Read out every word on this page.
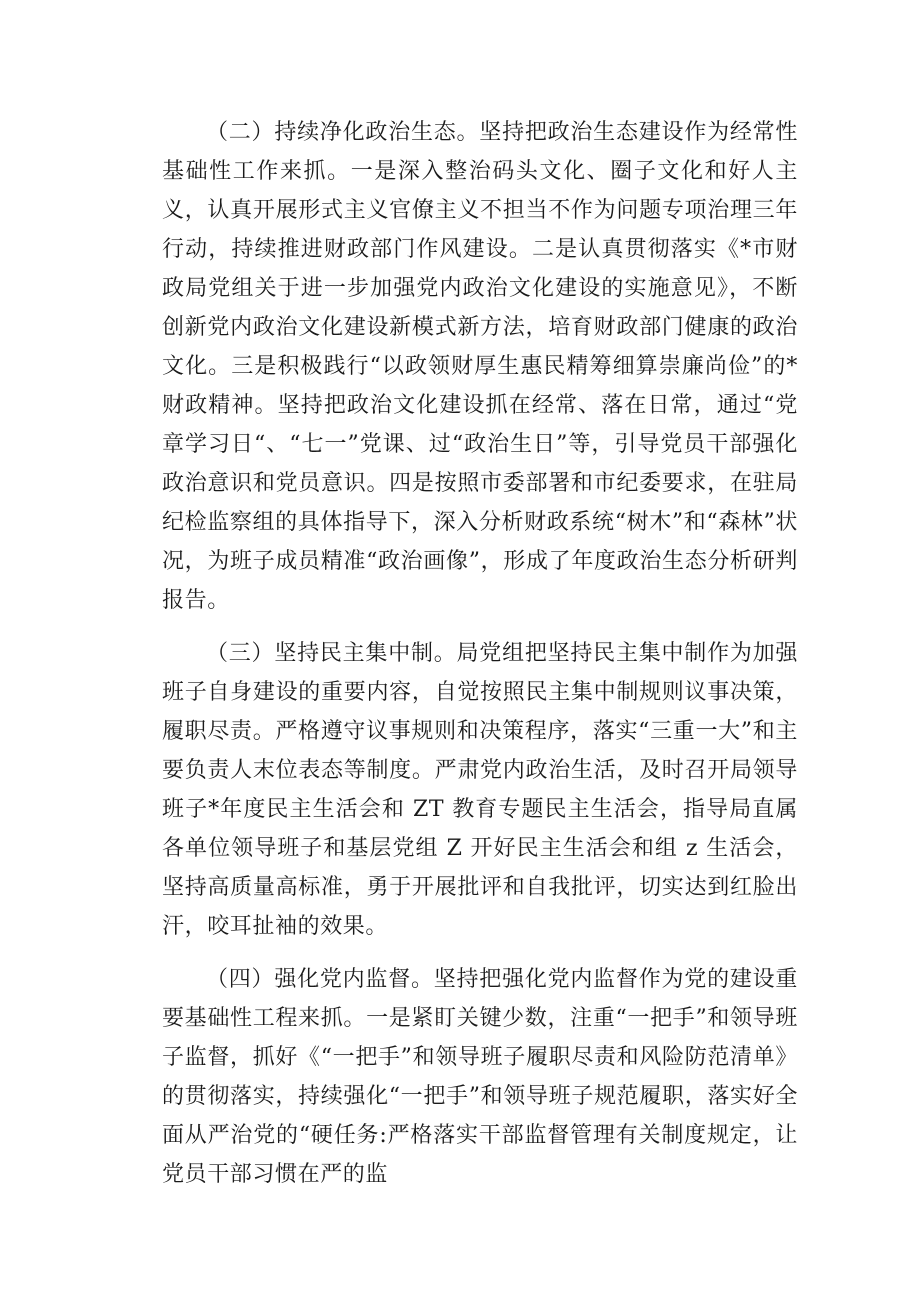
（二）持续净化政治生态。坚持把政治生态建设作为经常性基础性工作来抓。一是深入整治码头文化、圈子文化和好人主义，认真开展形式主义官僚主义不担当不作为问题专项治理三年行动，持续推进财政部门作风建设。二是认真贯彻落实《*市财政局党组关于进一步加强党内政治文化建设的实施意见》，不断创新党内政治文化建设新模式新方法，培育财政部门健康的政治文化。三是积极践行“以政领财厚生惠民精筹细算崇廉尚俭”的*财政精神。坚持把政治文化建设抓在经常、落在日常，通过“党章学习日“、“七一”党课、过“政治生日”等，引导党员干部强化政治意识和党员意识。四是按照市委部署和市纪委要求，在驻局纪检监察组的具体指导下，深入分析财政系统“树木”和“森林”状况，为班子成员精准“政治画像”，形成了年度政治生态分析研判报告。

（三）坚持民主集中制。局党组把坚持民主集中制作为加强班子自身建设的重要内容，自觉按照民主集中制规则议事决策，履职尽责。严格遵守议事规则和决策程序，落实“三重一大”和主要负责人末位表态等制度。严肃党内政治生活，及时召开局领导班子*年度民主生活会和 ZT 教育专题民主生活会，指导局直属各单位领导班子和基层党组 Z 开好民主生活会和组 z 生活会，坚持高质量高标准，勇于开展批评和自我批评，切实达到红脸出汗，咬耳扯袖的效果。

（四）强化党内监督。坚持把强化党内监督作为党的建设重要基础性工程来抓。一是紧盯关键少数，注重“一把手”和领导班子监督，抓好《“一把手”和领导班子履职尽责和风险防范清单》的贯彻落实，持续强化“一把手”和领导班子规范履职，落实好全面从严治党的“硬任务:严格落实干部监督管理有关制度规定，让党员干部习惯在严的监
